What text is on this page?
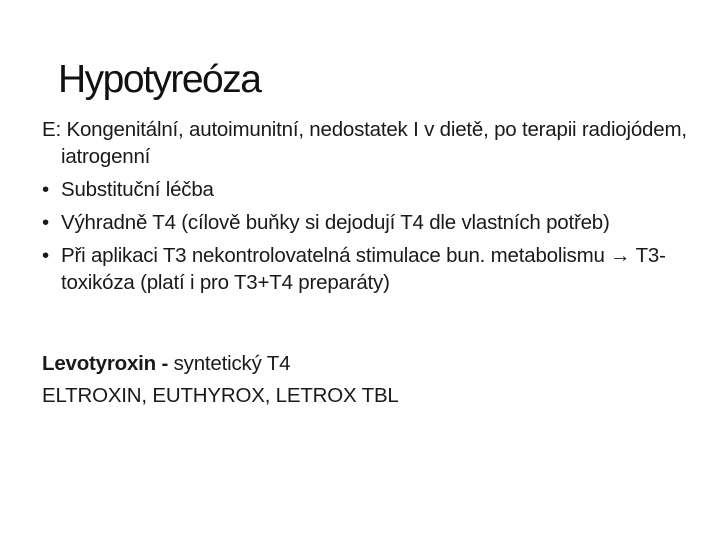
Hypotyreóza

E: Kongenitální, autoimunitní, nedostatek I v dietě, po terapii radiojódem, iatrogenní

• Substituční léčba

• Výhradně T4 (cílově buňky si dejodují T4 dle vlastních potřeb)

• Při aplikaci T3 nekontrolovatelná stimulace bun. metabolismu → T3-toxikóza (platí i pro T3+T4 preparáty)

Levotyroxin - syntetický T4

ELTROXIN, EUTHYROX, LETROX TBL
